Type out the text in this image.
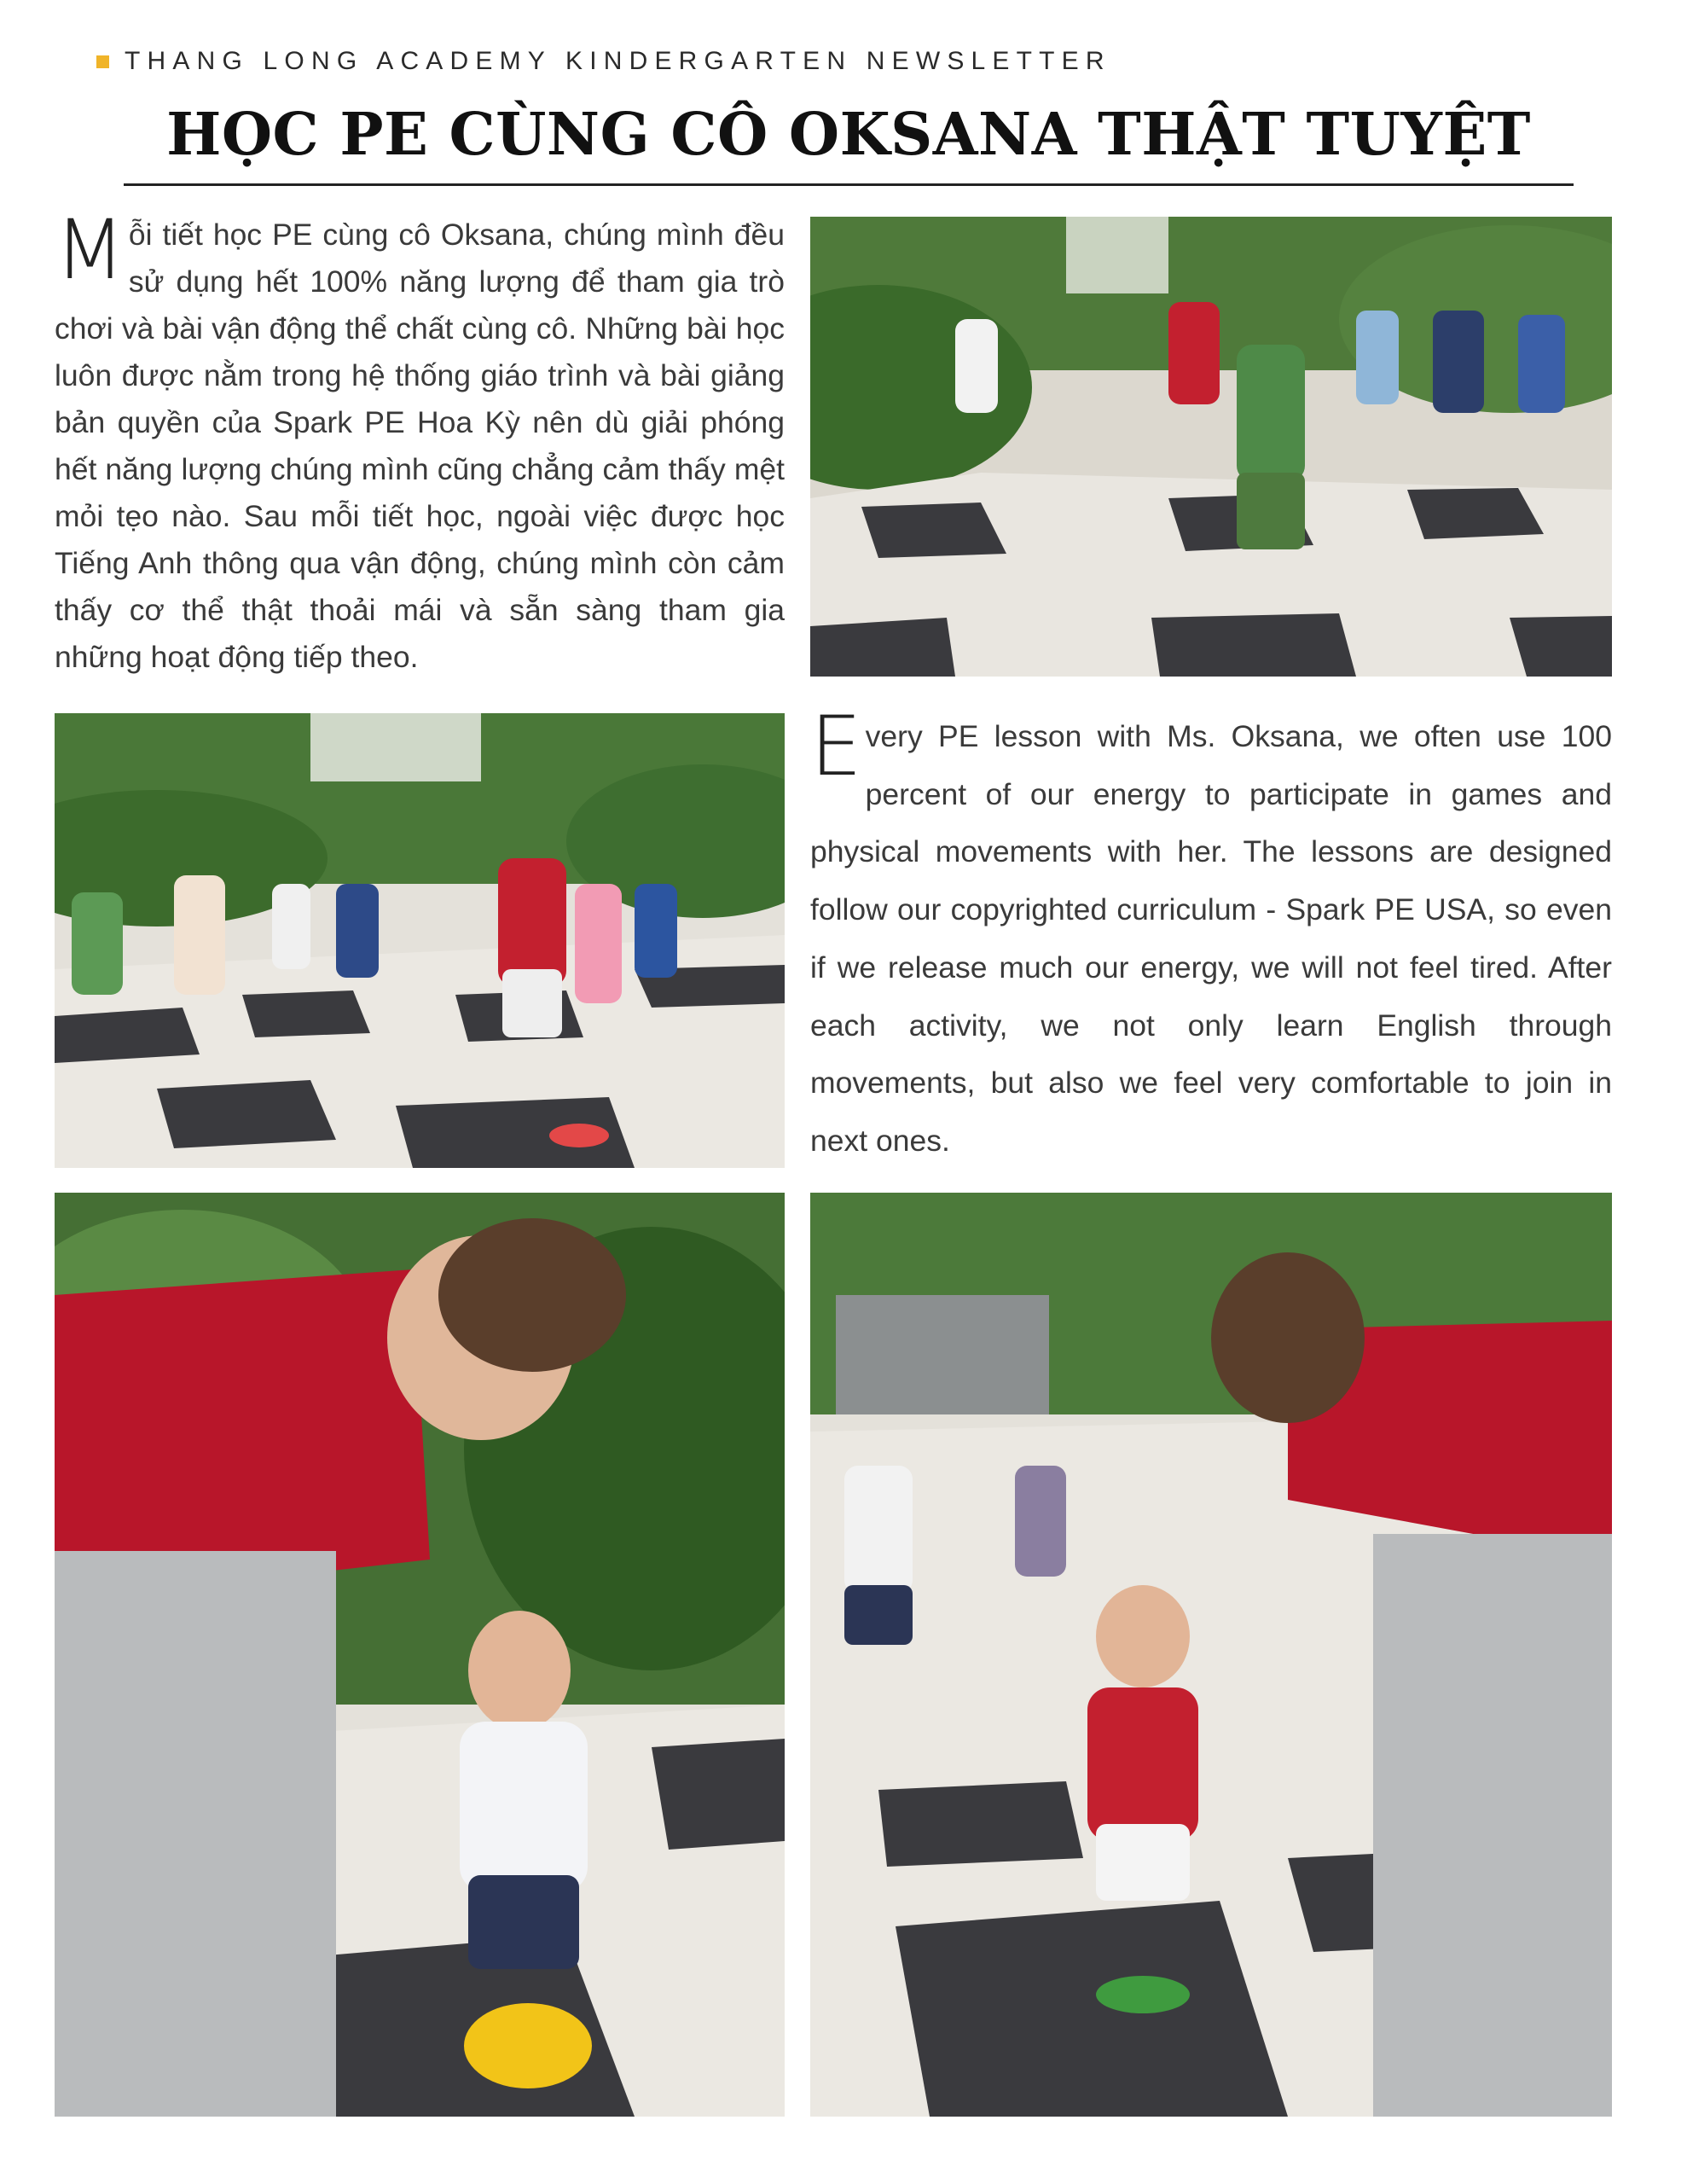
THANG LONG ACADEMY KINDERGARTEN NEWSLETTER
HỌC PE CÙNG CÔ OKSANA THẬT TUYỆT
Mỗi tiết học PE cùng cô Oksana, chúng mình đều sử dụng hết 100% năng lượng để tham gia trò chơi và bài vận động thể chất cùng cô. Những bài học luôn được nằm trong hệ thống giáo trình và bài giảng bản quyền của Spark PE Hoa Kỳ nên dù giải phóng hết năng lượng chúng mình cũng chẳng cảm thấy mệt mỏi tẹo nào. Sau mỗi tiết học, ngoài việc được học Tiếng Anh thông qua vận động, chúng mình còn cảm thấy cơ thể thật thoải mái và sẵn sàng tham gia những hoạt động tiếp theo.
Every PE lesson with Ms. Oksana, we often use 100 percent of our energy to participate in games and physical movements with her. The lessons are designed follow our copyrighted curriculum - Spark PE USA, so even if we release much our energy, we will not feel tired. After each activity, we not only learn English through movements, but also we feel very comfortable to join in next ones.
